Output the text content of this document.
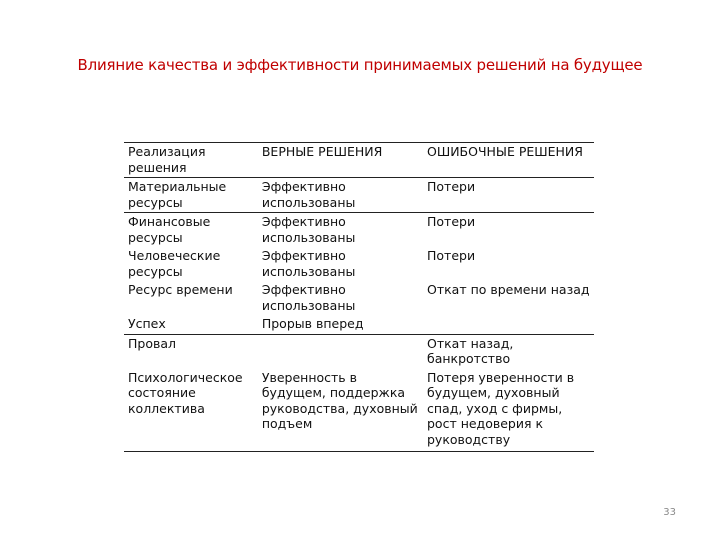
Влияние качества и эффективности принимаемых решений на будущее
Реализация решения	ВЕРНЫЕ РЕШЕНИЯ	ОШИБОЧНЫЕ РЕШЕНИЯ
Материальные ресурсы	Эффективно использованы	Потери
Финансовые ресурсы	Эффективно использованы	Потери
Человеческие ресурсы	Эффективно использованы	Потери
Ресурс времени	Эффективно использованы	Откат по времени назад
Успех	Прорыв вперед	
Провал		Откат назад, банкротство
Психологическое состояние коллектива	Уверенность в будущем, поддержка руководства, духовный подъем	Потеря уверенности в будущем, духовный спад, уход с фирмы, рост недоверия к руководству
33
